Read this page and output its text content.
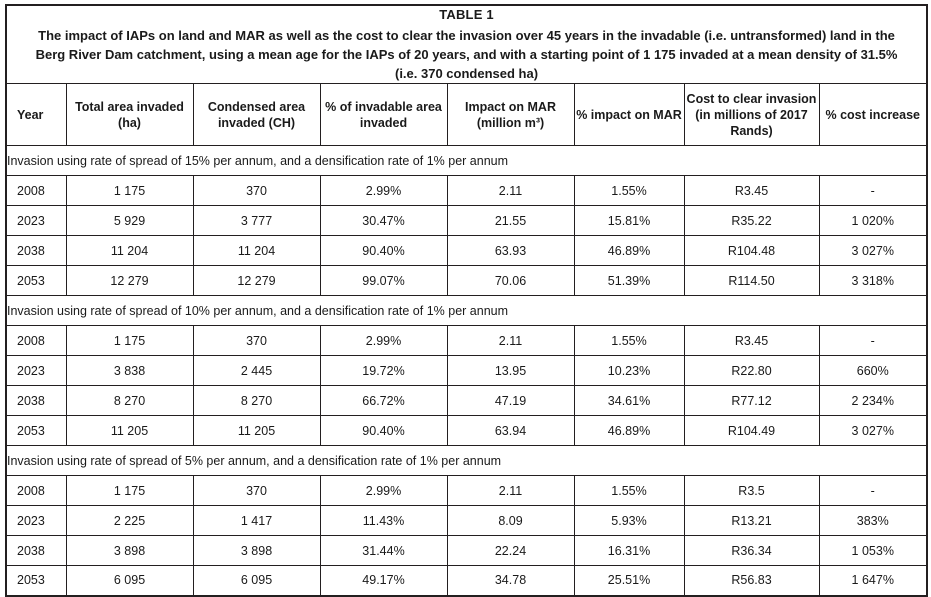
TABLE 1
The impact of IAPs on land and MAR as well as the cost to clear the invasion over 45 years in the invadable (i.e. untransformed) land in the Berg River Dam catchment, using a mean age for the IAPs of 20 years, and with a starting point of 1 175 invaded at a mean density of 31.5% (i.e. 370 condensed ha)							

Year	Total area invaded (ha)	Condensed area invaded (CH)	% of invadable area invaded	Impact on MAR (million m³)	% impact on MAR	Cost to clear invasion (in millions of 2017 Rands)	% cost increase
Invasion using rate of spread of 15% per annum, and a densification rate of 1% per annum							
2008	1 175	370	2.99%	2.11	1.55%	R3.45	-
2023	5 929	3 777	30.47%	21.55	15.81%	R35.22	1 020%
2038	11 204	11 204	90.40%	63.93	46.89%	R104.48	3 027%
2053	12 279	12 279	99.07%	70.06	51.39%	R114.50	3 318%
Invasion using rate of spread of 10% per annum, and a densification rate of 1% per annum							
2008	1 175	370	2.99%	2.11	1.55%	R3.45	-
2023	3 838	2 445	19.72%	13.95	10.23%	R22.80	660%
2038	8 270	8 270	66.72%	47.19	34.61%	R77.12	2 234%
2053	11 205	11 205	90.40%	63.94	46.89%	R104.49	3 027%
Invasion using rate of spread of 5% per annum, and a densification rate of 1% per annum							
2008	1 175	370	2.99%	2.11	1.55%	R3.5	-
2023	2 225	1 417	11.43%	8.09	5.93%	R13.21	383%
2038	3 898	3 898	31.44%	22.24	16.31%	R36.34	1 053%
2053	6 095	6 095	49.17%	34.78	25.51%	R56.83	1 647%
